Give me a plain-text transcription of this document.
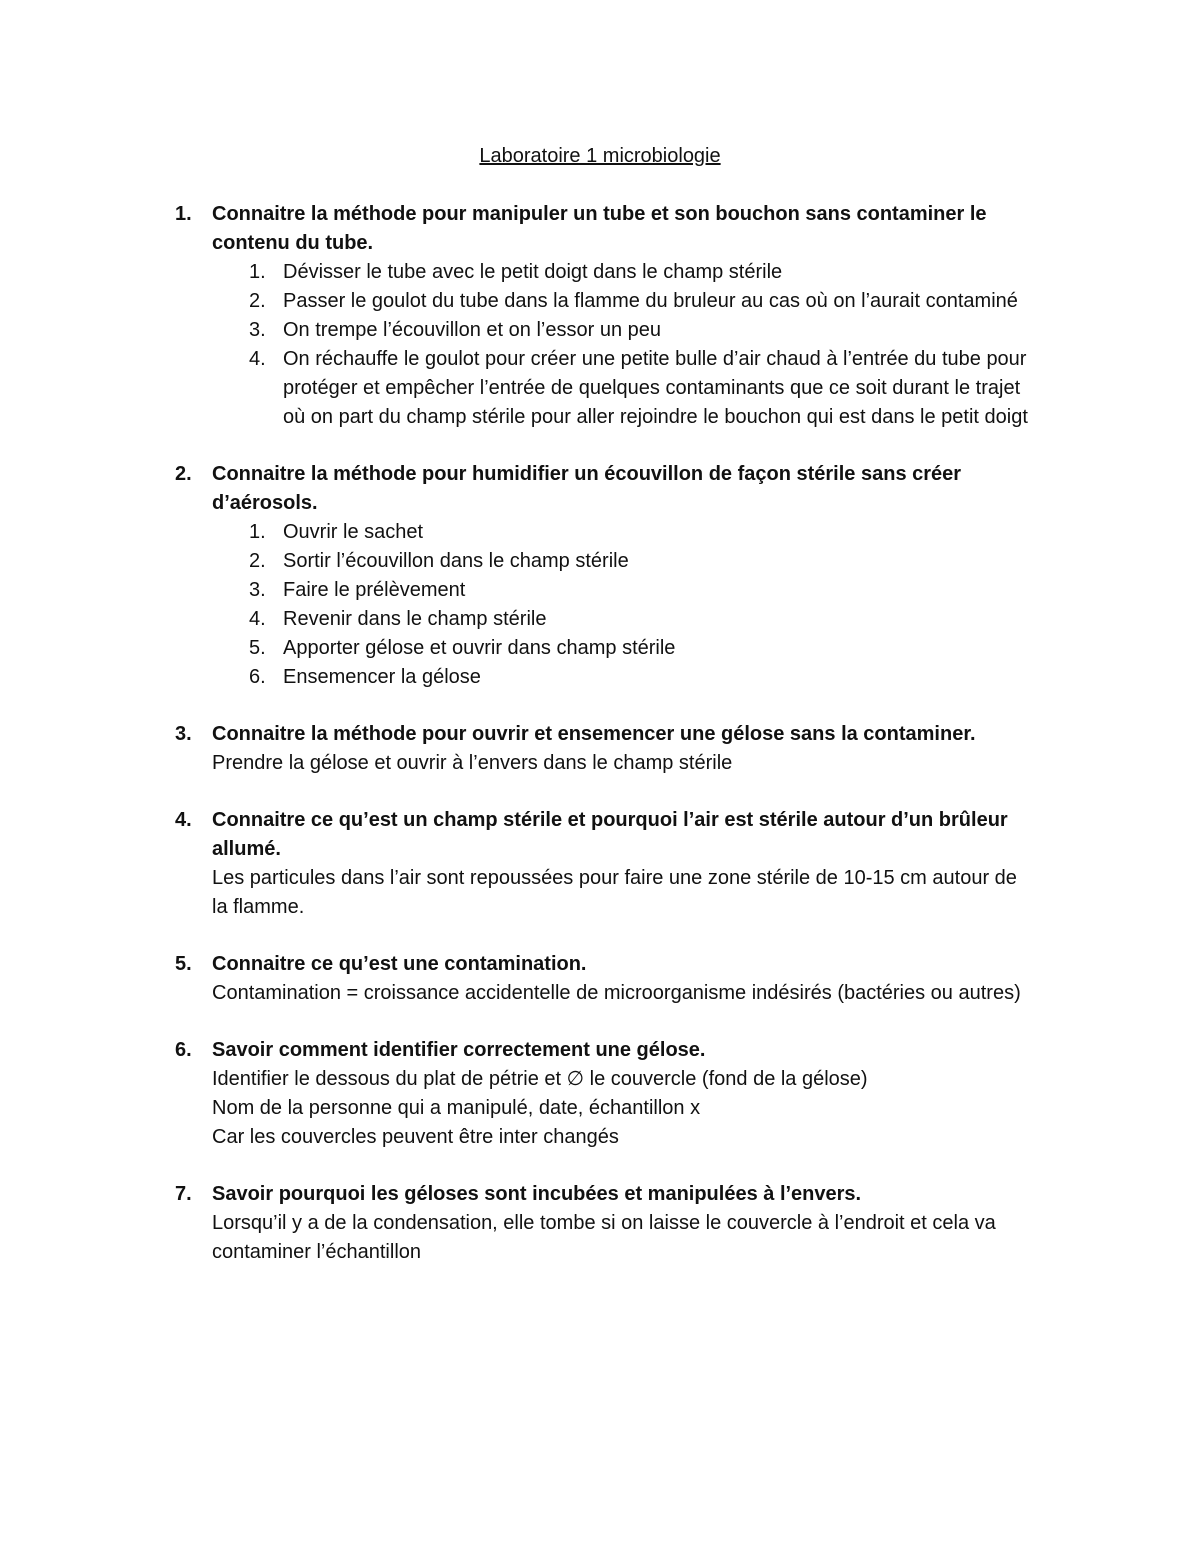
Laboratoire 1 microbiologie
1. Connaitre la méthode pour manipuler un tube et son bouchon sans contaminer le contenu du tube.
1. Dévisser le tube avec le petit doigt dans le champ stérile
2. Passer le goulot du tube dans la flamme du bruleur au cas où on l’aurait contaminé
3. On trempe l’écouvillon et on l’essor un peu
4. On réchauffe le goulot pour créer une petite bulle d’air chaud à l’entrée du tube pour protéger et empêcher l’entrée de quelques contaminants que ce soit durant le trajet où on part du champ stérile pour aller rejoindre le bouchon qui est dans le petit doigt
2. Connaitre la méthode pour humidifier un écouvillon de façon stérile sans créer d’aérosols.
1. Ouvrir le sachet
2. Sortir l’écouvillon dans le champ stérile
3. Faire le prélèvement
4. Revenir dans le champ stérile
5. Apporter gélose et ouvrir dans champ stérile
6. Ensemencer la gélose
3. Connaitre la méthode pour ouvrir et ensemencer une gélose sans la contaminer.
Prendre la gélose et ouvrir à l’envers dans le champ stérile
4. Connaitre ce qu’est un champ stérile et pourquoi l’air est stérile autour d’un brûleur allumé.
Les particules dans l’air sont repoussées pour faire une zone stérile de 10-15 cm autour de la flamme.
5. Connaitre ce qu’est une contamination.
Contamination = croissance accidentelle de microorganisme indésirés (bactéries ou autres)
6. Savoir comment identifier correctement une gélose.
Identifier le dessous du plat de pétrie et ∅ le couvercle (fond de la gélose)
Nom de la personne qui a manipulé, date, échantillon x
Car les couvercles peuvent être inter changés
7. Savoir pourquoi les géloses sont incubées et manipulées à l’envers.
Lorsqu’il y a de la condensation, elle tombe si on laisse le couvercle à l’endroit et cela va contaminer l’échantillon
